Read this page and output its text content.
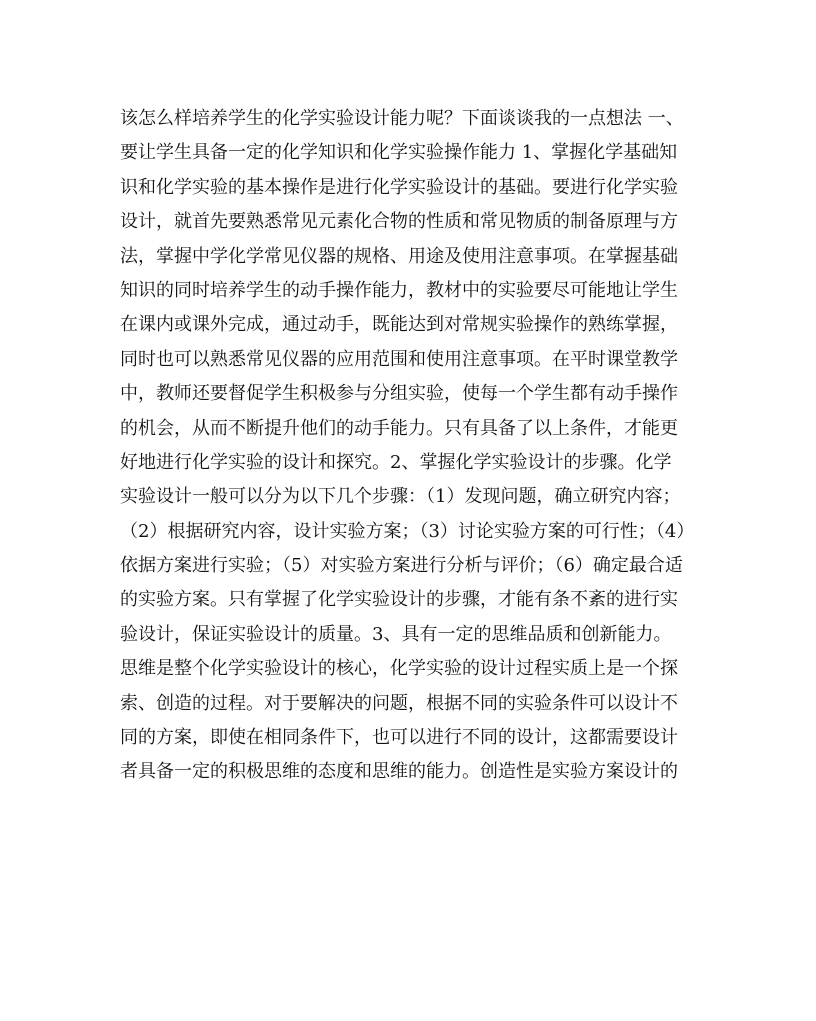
该怎么样培养学生的化学实验设计能力呢？下面谈谈我的一点想法 一、
要让学生具备一定的化学知识和化学实验操作能力 1、掌握化学基础知
识和化学实验的基本操作是进行化学实验设计的基础。要进行化学实验
设计，就首先要熟悉常见元素化合物的性质和常见物质的制备原理与方
法，掌握中学化学常见仪器的规格、用途及使用注意事项。在掌握基础
知识的同时培养学生的动手操作能力，教材中的实验要尽可能地让学生
在课内或课外完成，通过动手，既能达到对常规实验操作的熟练掌握，
同时也可以熟悉常见仪器的应用范围和使用注意事项。在平时课堂教学
中，教师还要督促学生积极参与分组实验，使每一个学生都有动手操作
的机会，从而不断提升他们的动手能力。只有具备了以上条件，才能更
好地进行化学实验的设计和探究。2、掌握化学实验设计的步骤。化学
实验设计一般可以分为以下几个步骤：（1）发现问题，确立研究内容；
（2）根据研究内容，设计实验方案；（3）讨论实验方案的可行性；（4）
依据方案进行实验；（5）对实验方案进行分析与评价；（6）确定最合适
的实验方案。只有掌握了化学实验设计的步骤，才能有条不紊的进行实
验设计，保证实验设计的质量。3、具有一定的思维品质和创新能力。
思维是整个化学实验设计的核心，化学实验的设计过程实质上是一个探
索、创造的过程。对于要解决的问题，根据不同的实验条件可以设计不
同的方案，即使在相同条件下，也可以进行不同的设计，这都需要设计
者具备一定的积极思维的态度和思维的能力。创造性是实验方案设计的
